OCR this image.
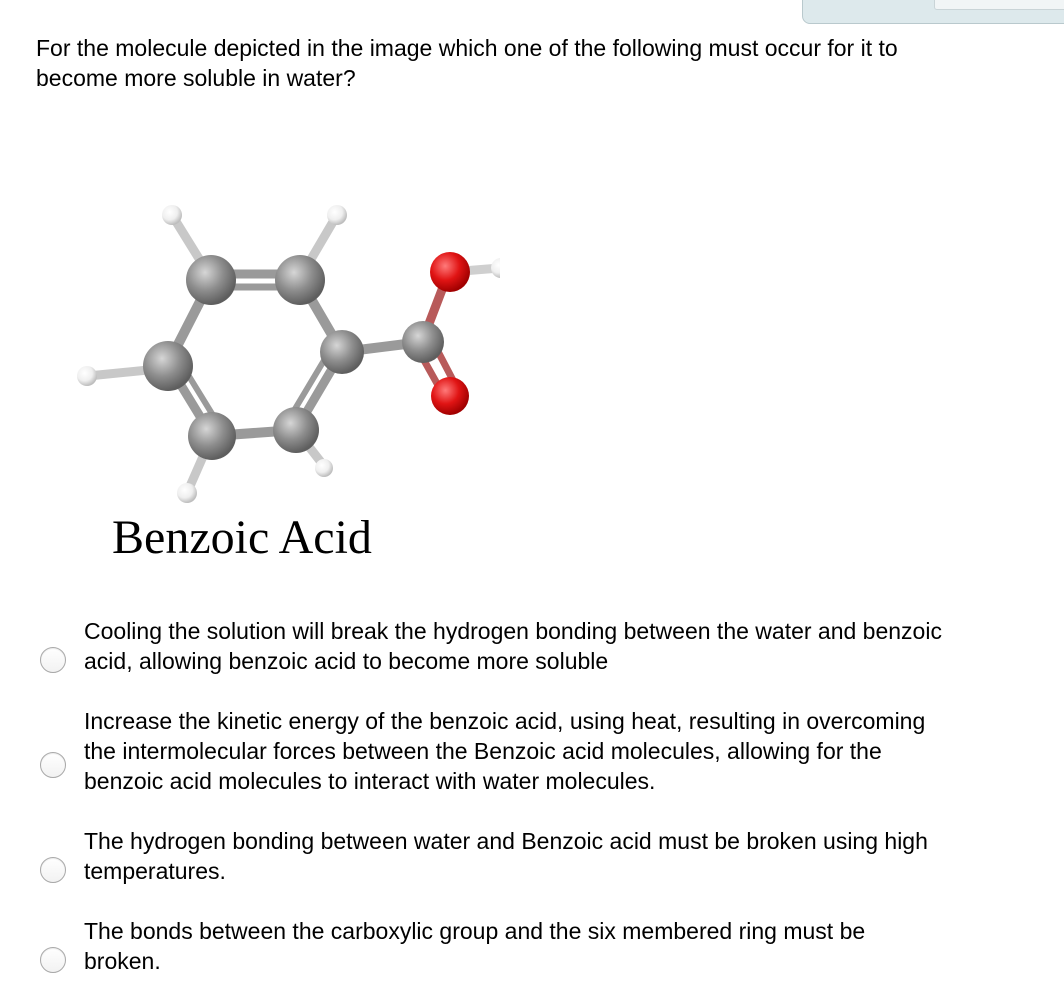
For the molecule depicted in the image which one of the following must occur for it to
become more soluble in water?

Benzoic Acid
Cooling the solution will break the hydrogen bonding between the water and benzoic
acid, allowing benzoic acid to become more soluble
Increase the kinetic energy of the benzoic acid, using heat, resulting in overcoming
the intermolecular forces between the Benzoic acid molecules, allowing for the
benzoic acid molecules to interact with water molecules.
The hydrogen bonding between water and Benzoic acid must be broken using high
temperatures.
The bonds between the carboxylic group and the six membered ring must be
broken.
